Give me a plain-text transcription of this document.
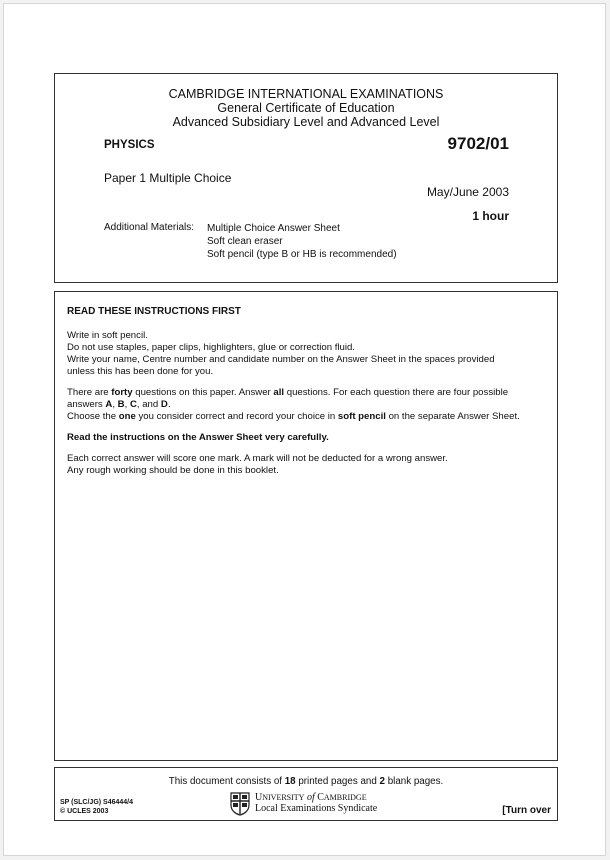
CAMBRIDGE INTERNATIONAL EXAMINATIONS
General Certificate of Education
Advanced Subsidiary Level and Advanced Level
PHYSICS	9702/01
Paper 1 Multiple Choice
May/June 2003
1 hour
Additional Materials: Multiple Choice Answer Sheet
Soft clean eraser
Soft pencil (type B or HB is recommended)
READ THESE INSTRUCTIONS FIRST
Write in soft pencil.
Do not use staples, paper clips, highlighters, glue or correction fluid.
Write your name, Centre number and candidate number on the Answer Sheet in the spaces provided
unless this has been done for you.
There are forty questions on this paper. Answer all questions. For each question there are four possible
answers A, B, C, and D.
Choose the one you consider correct and record your choice in soft pencil on the separate Answer Sheet.
Read the instructions on the Answer Sheet very carefully.
Each correct answer will score one mark. A mark will not be deducted for a wrong answer.
Any rough working should be done in this booklet.
This document consists of 18 printed pages and 2 blank pages.
SP (SLC/JG) S46444/4
© UCLES 2003
UNIVERSITY of CAMBRIDGE
Local Examinations Syndicate	[Turn over
